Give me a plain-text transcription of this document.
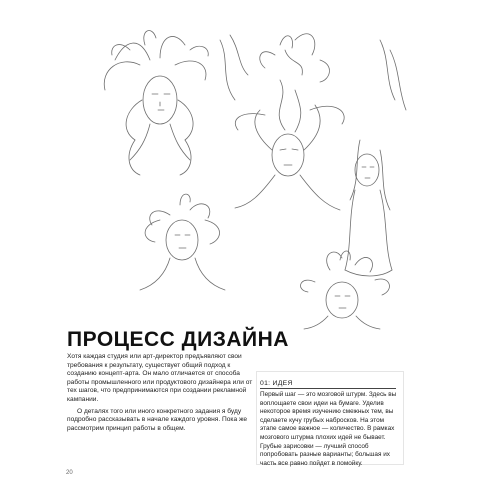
ПРОЦЕСС ДИЗАЙНА

Хотя каждая студия или арт-директор предъявляют свои требования к результату, существует общий подход к созданию концепт-арта. Он мало отличается от способа работы промышленного или продуктового дизайнера или от тех шагов, что предпринимаются при создании рекламной кампании.

О деталях того или иного конкретного задания я буду подробно рассказывать в начале каждого уровня. Пока же рассмотрим принцип работы в общем.

01: ИДЕЯ
Первый шаг — это мозговой штурм. Здесь вы воплощаете свои идеи на бумаге. Уделив некоторое время изучению смежных тем, вы сделаете кучу грубых набросков. На этом этапе самое важное — количество. В рамках мозгового штурма плохих идей не бывает. Грубые зарисовки — лучший способ попробовать разные варианты; большая их часть все равно пойдет в помойку.
20
